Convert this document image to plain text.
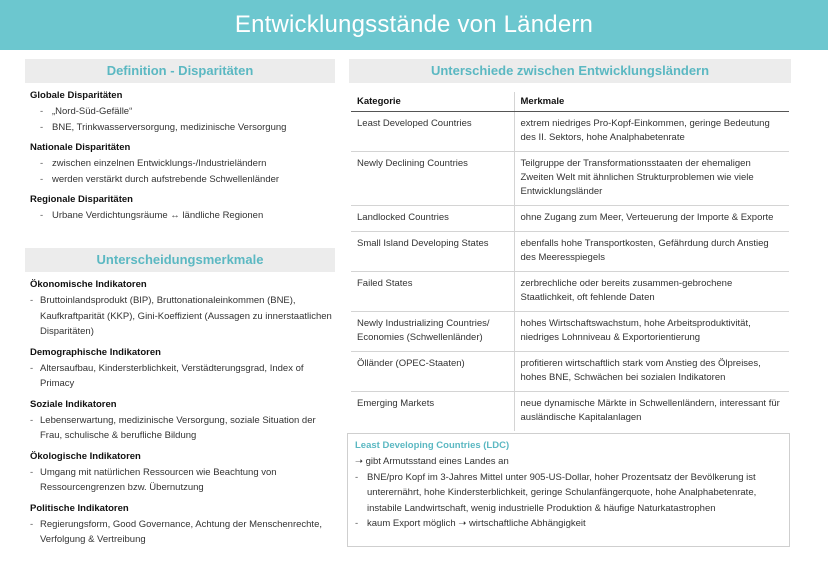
Entwicklungsstände von Ländern
Definition - Disparitäten
Globale Disparitäten
- „Nord-Süd-Gefälle“
- BNE, Trinkwasserversorgung, medizinische Versorgung
Nationale Disparitäten
- zwischen einzelnen Entwicklungs-/Industrieländern
- werden verstärkt durch aufstrebende Schwellenländer
Regionale Disparitäten
- Urbane Verdichtungsräume ↔ ländliche Regionen
Unterscheidungsmerkmale
Ökonomische Indikatoren
- Bruttoinlandsprodukt (BIP), Bruttonationaleinkommen (BNE), Kaufkraftparität (KKP), Gini-Koeffizient (Aussagen zu innerstaatlichen Disparitäten)
Demographische Indikatoren
- Altersaufbau, Kindersterblichkeit, Verstädterungsgrad, Index of Primacy
Soziale Indikatoren
- Lebenserwartung, medizinische Versorgung, soziale Situation der Frau, schulische & berufliche Bildung
Ökologische Indikatoren
- Umgang mit natürlichen Ressourcen wie Beachtung von Ressourcengrenzen bzw. Übernutzung
Politische Indikatoren
- Regierungsform, Good Governance, Achtung der Menschenrechte, Verfolgung & Vertreibung
Unterschiede zwischen Entwicklungsländern
Kategorie	Merkmale
Least Developed Countries	extrem niedriges Pro-Kopf-Einkommen, geringe Bedeutung des II. Sektors, hohe Analphabetenrate
Newly Declining Countries	Teilgruppe der Transformationsstaaten der ehemaligen Zweiten Welt mit ähnlichen Strukturproblemen wie viele Entwicklungsländer
Landlocked Countries	ohne Zugang zum Meer, Verteuerung der Importe & Exporte
Small Island Developing States	ebenfalls hohe Transportkosten, Gefährdung durch Anstieg des Meeresspiegels
Failed States	zerbrechliche oder bereits zusammen-gebrochene Staatlichkeit, oft fehlende Daten
Newly Industrializing Countries/ Economies (Schwellenländer)	hohes Wirtschaftswachstum, hohe Arbeitsproduktivität, niedriges Lohnniveau & Exportorientierung
Ölländer (OPEC-Staaten)	profitieren wirtschaftlich stark vom Anstieg des Ölpreises, hohes BNE, Schwächen bei sozialen Indikatoren
Emerging Markets	neue dynamische Märkte in Schwellenländern, interessant für ausländische Kapitalanlagen
Least Developing Countries (LDC)
➝ gibt Armutsstand eines Landes an
- BNE/pro Kopf im 3-Jahres Mittel unter 905-US-Dollar, hoher Prozentsatz der Bevölkerung ist unterernährt, hohe Kindersterblichkeit, geringe Schulanfängerquote, hohe Analphabetenrate, instabile Landwirtschaft, wenig industrielle Produktion & häufige Naturkatastrophen
- kaum Export möglich ➝ wirtschaftliche Abhängigkeit
